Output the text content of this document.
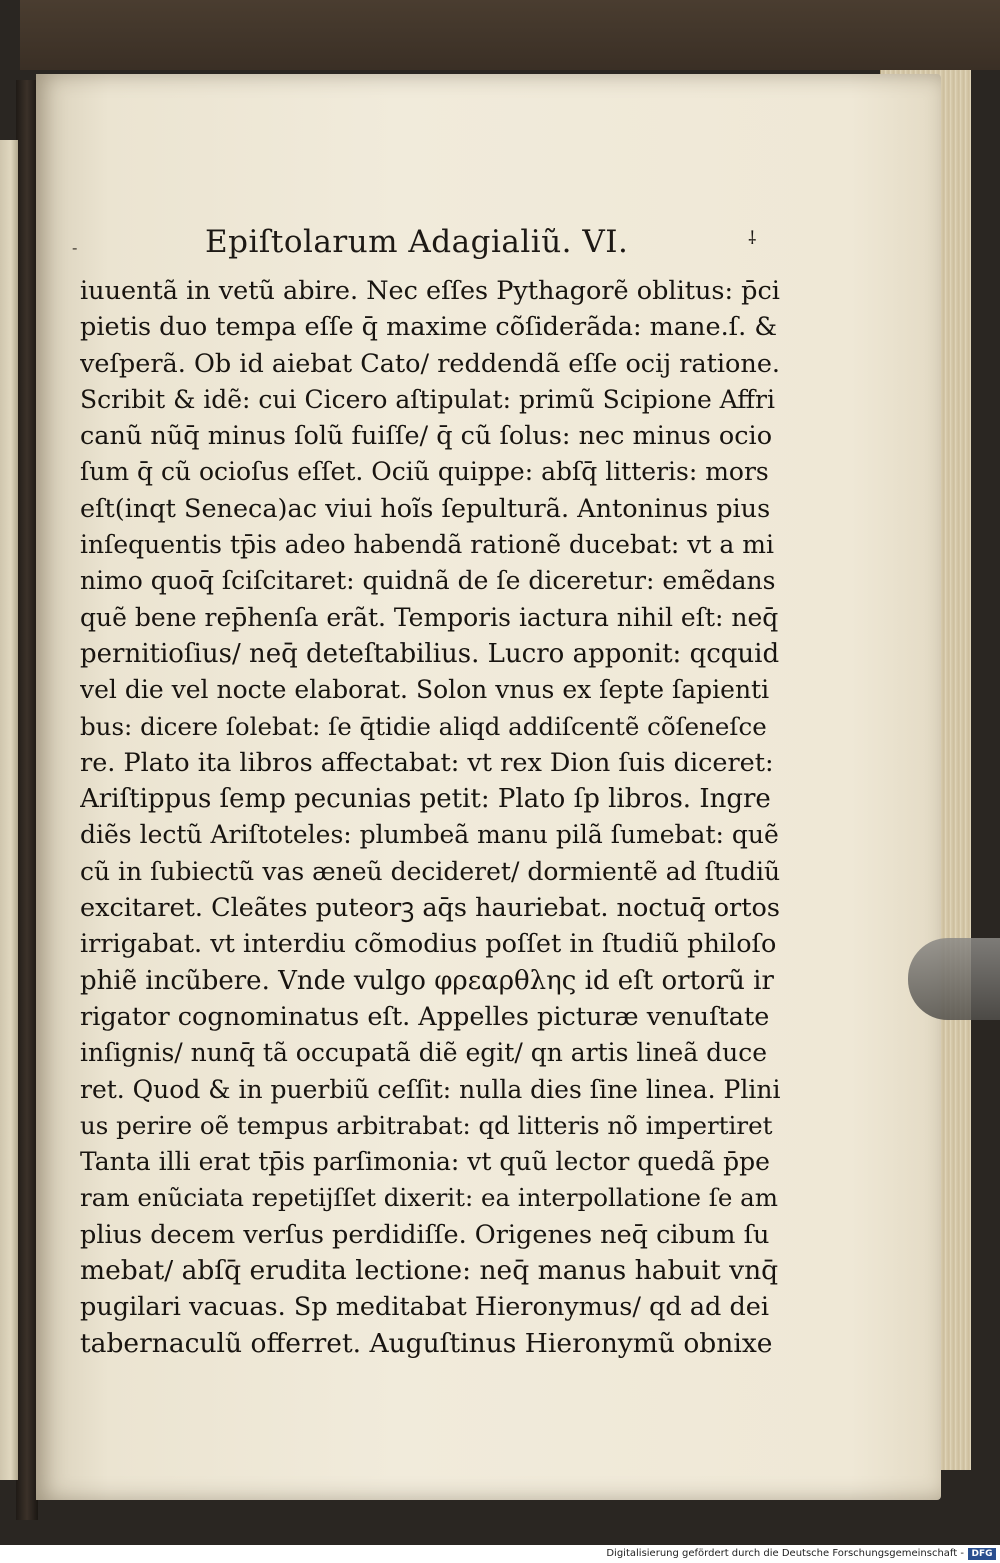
-	Epiſtolarum Adagialiũ. VI.	⸸
iuuentã in vetũ abire. Nec eſſes Pythagorẽ oblitus: p̄ci
pietis duo tempa eſſe q̄ maxime cõſiderãda: mane.ſ. &
veſperã. Ob id aiebat Cato/ reddendã eſſe ocij ratione.
Scribit & idẽ: cui Cicero aſtipulat: primũ Scipione Affri
canũ nũq̄ minus ſolũ fuiſſe/ q̄ cũ ſolus: nec minus ocio
ſum q̄ cũ ocioſus eſſet. Ociũ quippe: abſq̄ litteris: mors
eſt(inqt Seneca)ac viui hoĩs ſepulturã. Antoninus pius
inſequentis tp̄is adeo habendã rationẽ ducebat: vt a mi
nimo quoq̄ ſciſcitaret: quidnã de ſe diceretur: emẽdans
quẽ bene rep̄henſa erãt. Temporis iactura nihil eſt: neq̄
pernitioſius/ neq̄ deteſtabilius. Lucro apponit: qcquid
vel die vel nocte elaborat. Solon vnus ex ſepte ſapienti
bus: dicere ſolebat: ſe q̄tidie aliqd addiſcentẽ cõſeneſce
re. Plato ita libros affectabat: vt rex Dion ſuis diceret:
Ariſtippus ſemp pecunias petit: Plato ſp libros. Ingre
diẽs lectũ Ariſtoteles: plumbeã manu pilã ſumebat: quẽ
cũ in ſubiectũ vas æneũ decideret/ dormientẽ ad ſtudiũ
excitaret. Cleãtes puteorꝫ aq̄s hauriebat. noctuq̄ ortos
irrigabat. vt interdiu cõmodius poſſet in ſtudiũ philoſo
phiẽ incũbere. Vnde vulgo φρεαρθλης id eſt ortorũ ir
rigator cognominatus eſt. Appelles picturæ venuſtate
inſignis/ nunq̄ tã occupatã diẽ egit/ qn artis lineã duce
ret. Quod & in puerbiũ ceſſit: nulla dies ſine linea. Plini
us perire oẽ tempus arbitrabat: qd litteris nõ impertiret
Tanta illi erat tp̄is parſimonia: vt quũ lector quedã p̄pe
ram enũciata repetijſſet dixerit: ea interpollatione ſe am
plius decem verſus perdidiſſe. Origenes neq̄ cibum ſu
mebat/ abſq̄ erudita lectione: neq̄ manus habuit vnq̄
pugilari vacuas. Sp meditabat Hieronymus/ qd ad dei
tabernaculũ offerret. Auguſtinus Hieronymũ obnixe
Digitalisierung gefördert durch die Deutsche Forschungsgemeinschaft - DFG
